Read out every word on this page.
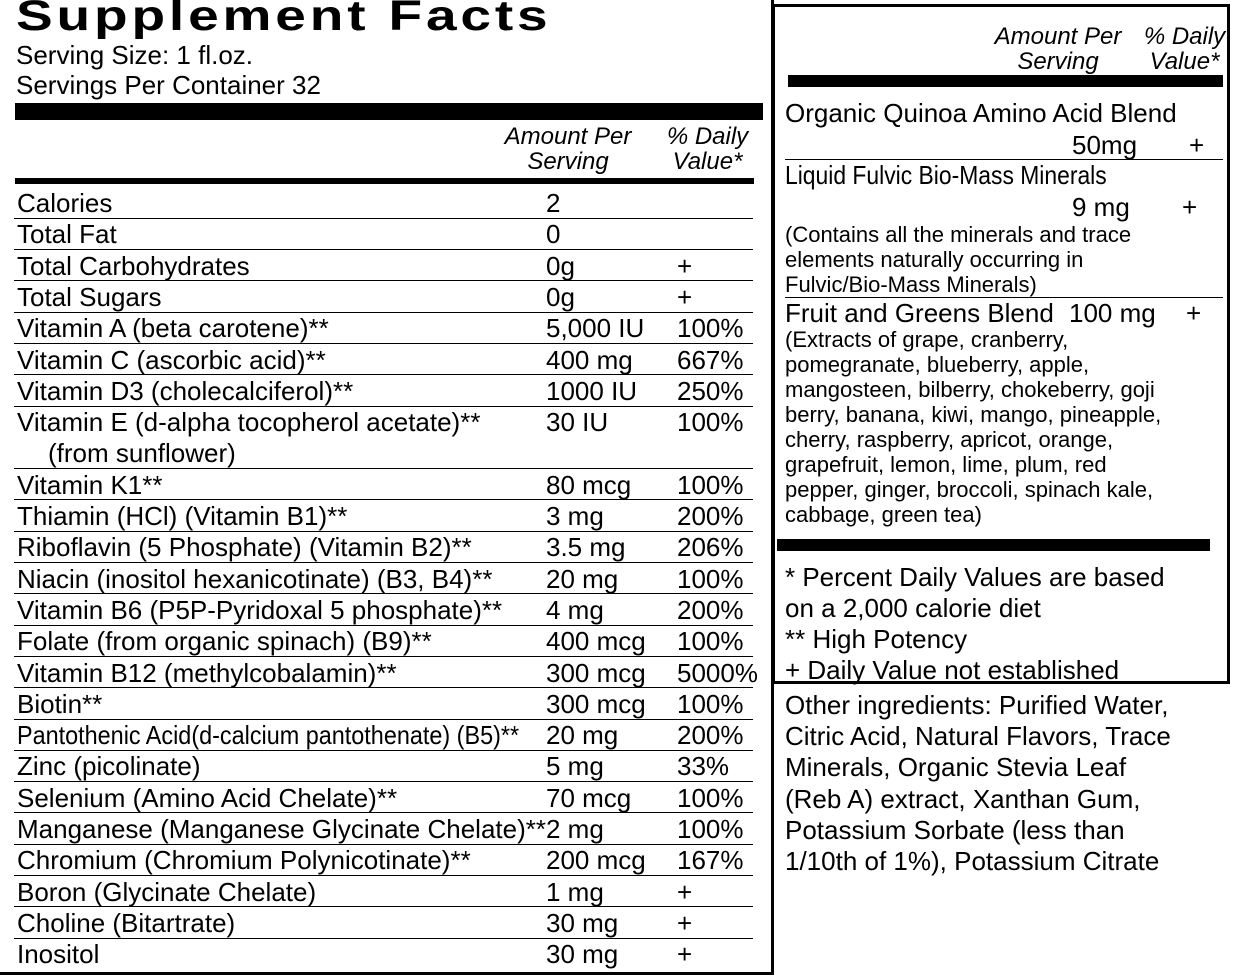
Supplement Facts
Serving Size: 1 fl.oz.
Servings Per Container 32
Amount Per
Serving
% Daily
Value*
Calories	2
Total Fat	0
Total Carbohydrates	0g	+
Total Sugars	0g	+
Vitamin A (beta carotene)**	5,000 IU 100%
Vitamin C (ascorbic acid)**	400 mg 667%
Vitamin D3 (cholecalciferol)**	1000 IU 250%
Vitamin E (d-alpha tocopherol acetate)**	30 IU	100%
(from sunflower)
Vitamin K1**	80 mcg 100%
Thiamin (HCl) (Vitamin B1)**	3 mg	200%
Riboflavin (5 Phosphate) (Vitamin B2)**	3.5 mg 206%
Niacin (inositol hexanicotinate) (B3, B4)** 20 mg 100%
Vitamin B6 (P5P-Pyridoxal 5 phosphate)** 4 mg	200%
Folate (from organic spinach) (B9)**	400 mcg 100%
Vitamin B12 (methylcobalamin)**	300 mcg 5000%
Biotin**	300 mcg 100%
Pantothenic Acid(d-calcium pantothenate) (B5)** 20 mg 200%
Zinc (picolinate)	5 mg	33%
Selenium (Amino Acid Chelate)**	70 mcg 100%
Manganese (Manganese Glycinate Chelate)** 2 mg	100%
Chromium (Chromium Polynicotinate)**	200 mcg 167%
Boron (Glycinate Chelate)	1 mg	+
Choline (Bitartrate)	30 mg +
Inositol	30 mg +
Amount Per
Serving
% Daily
Value*
Organic Quinoa Amino Acid Blend
50mg +
Liquid Fulvic Bio-Mass Minerals
9 mg +
(Contains all the minerals and trace
elements naturally occurring in
Fulvic/Bio-Mass Minerals)
Fruit and Greens Blend 100 mg +
(Extracts of grape, cranberry,
pomegranate, blueberry, apple,
mangosteen, bilberry, chokeberry, goji
berry, banana, kiwi, mango, pineapple,
cherry, raspberry, apricot, orange,
grapefruit, lemon, lime, plum, red
pepper, ginger, broccoli, spinach kale,
cabbage, green tea)
* Percent Daily Values are based
on a 2,000 calorie diet
** High Potency
+ Daily Value not established
Other ingredients: Purified Water,
Citric Acid, Natural Flavors, Trace
Minerals, Organic Stevia Leaf
(Reb A) extract, Xanthan Gum,
Potassium Sorbate (less than
1/10th of 1%), Potassium Citrate
